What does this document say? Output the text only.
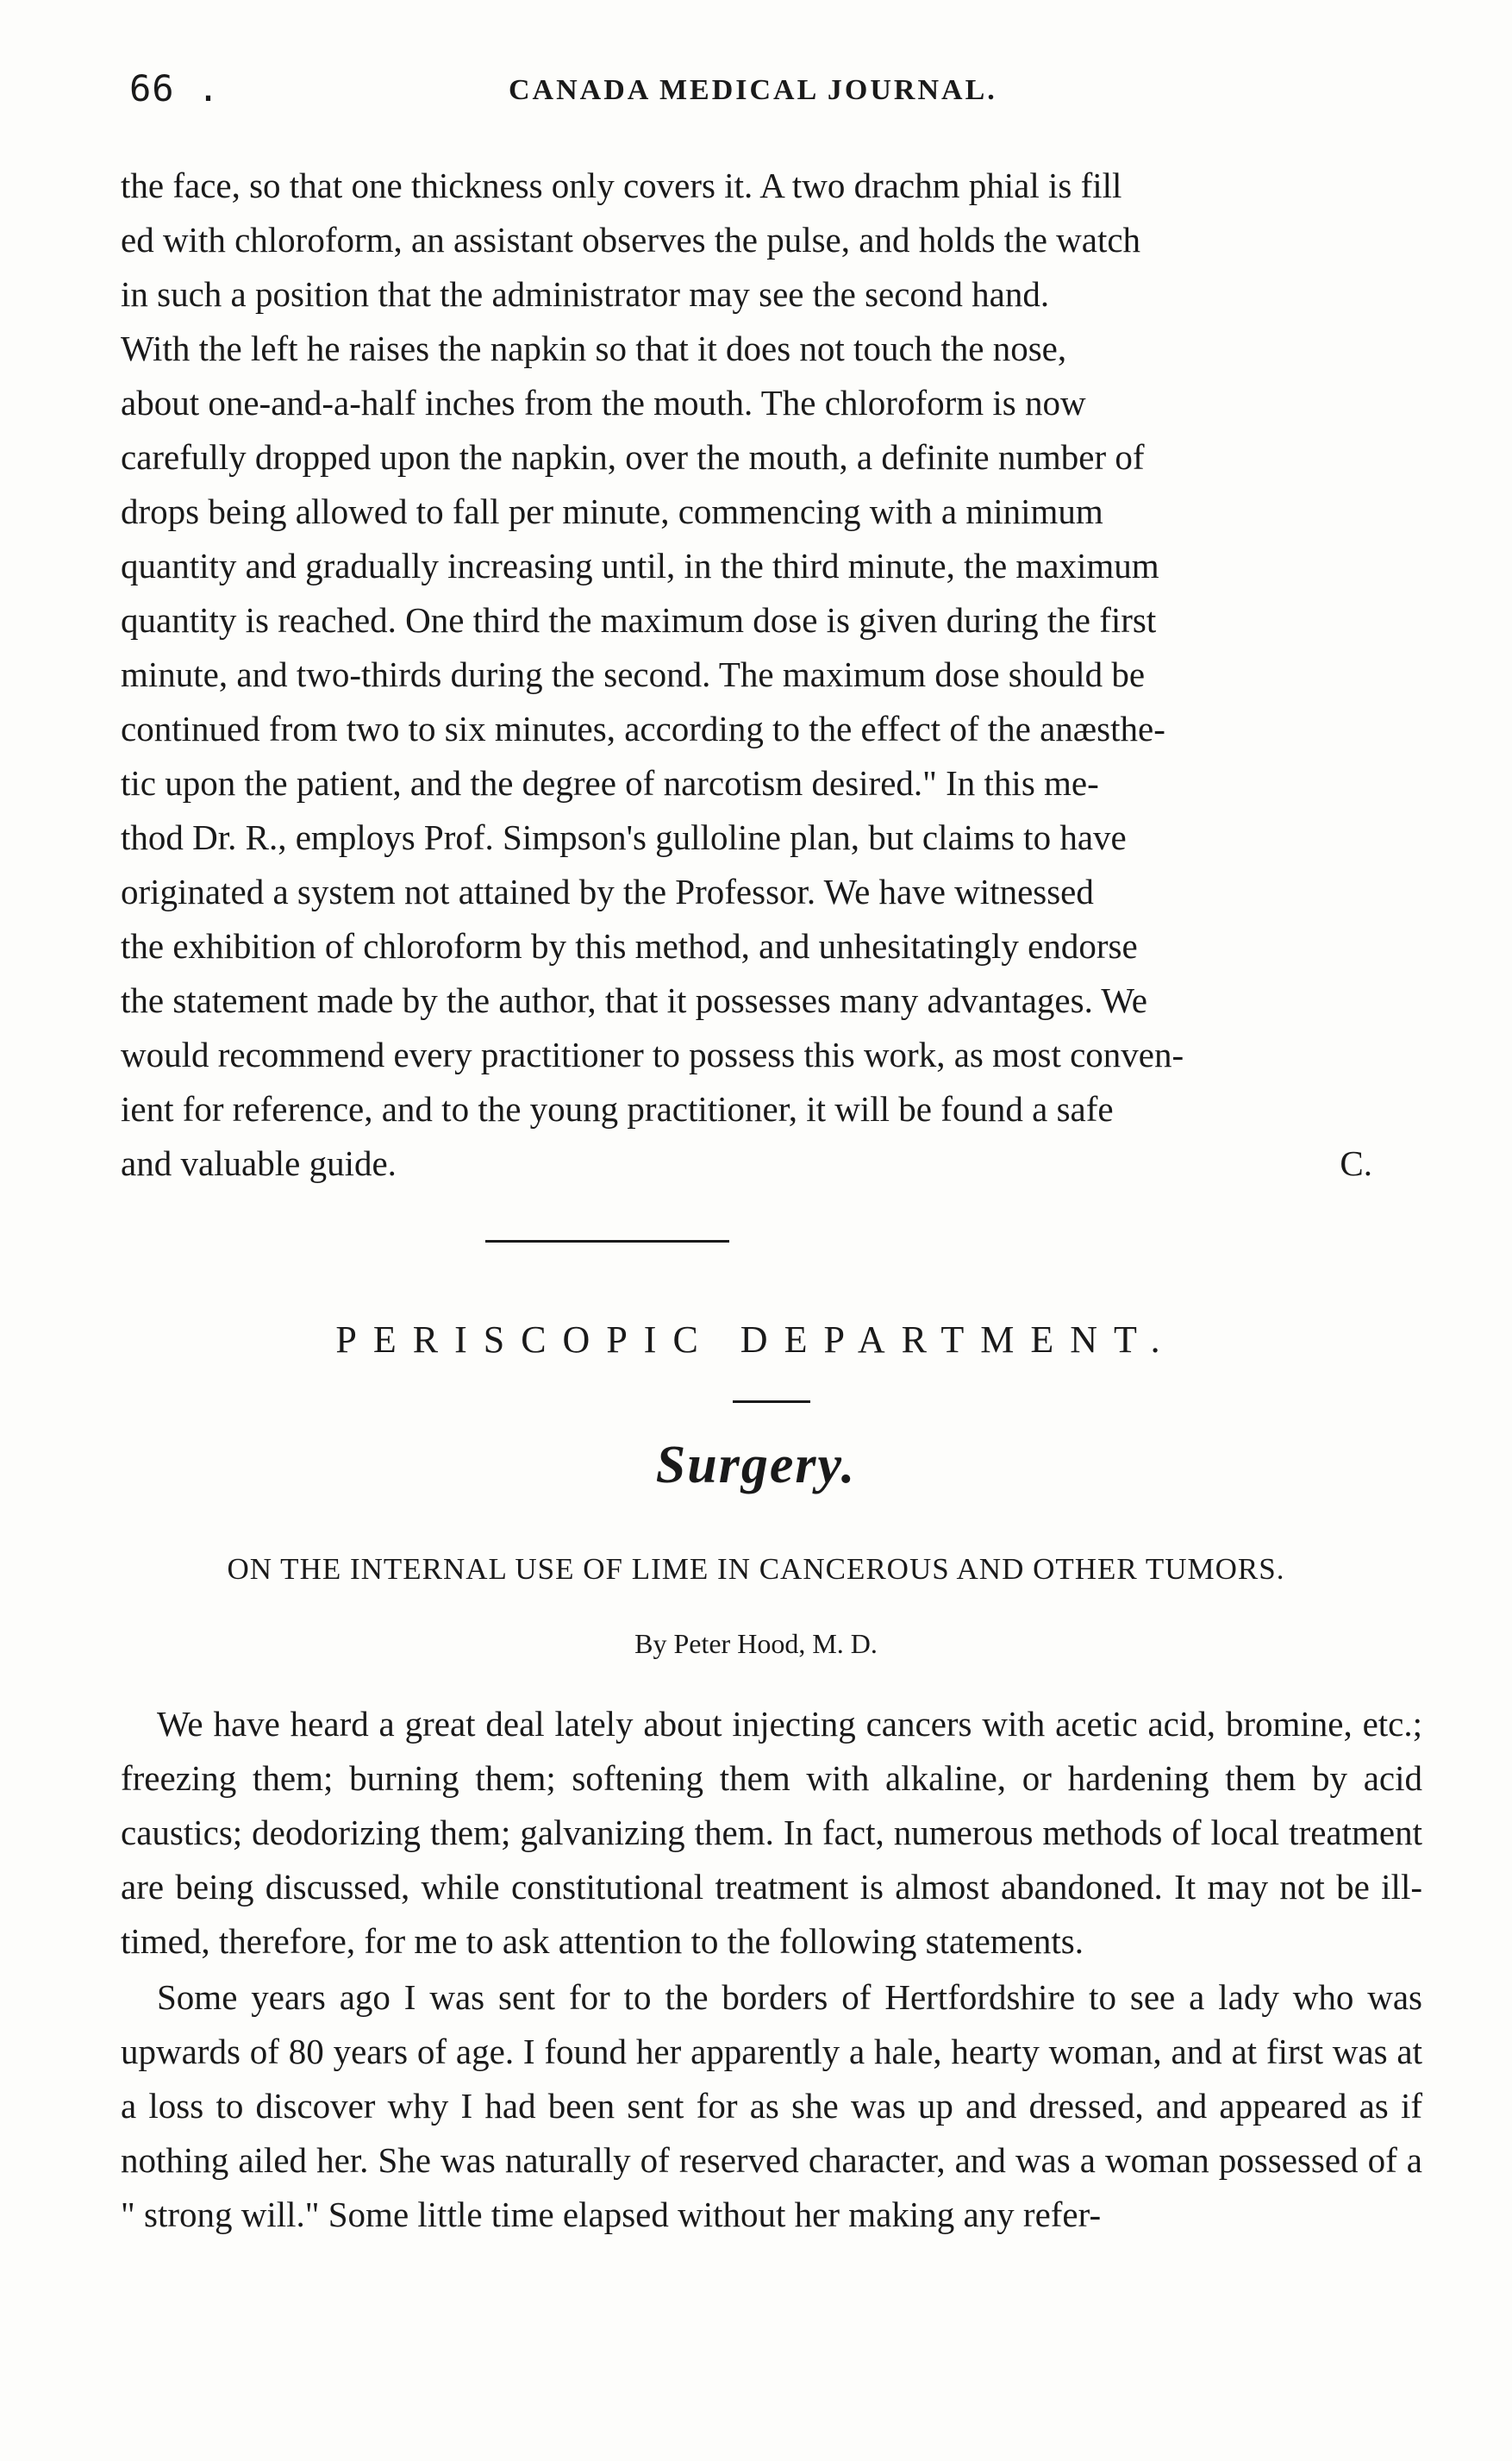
66 .	CANADA MEDICAL JOURNAL.
the face, so that one thickness only covers it. A two drachm phial is fill
ed with chloroform, an assistant observes the pulse, and holds the watch
in such a position that the administrator may see the second hand.
With the left he raises the napkin so that it does not touch the nose,
about one-and-a-half inches from the mouth. The chloroform is now
carefully dropped upon the napkin, over the mouth, a definite number of
drops being allowed to fall per minute, commencing with a minimum
quantity and gradually increasing until, in the third minute, the maximum
quantity is reached. One third the maximum dose is given during the first
minute, and two-thirds during the second. The maximum dose should be
continued from two to six minutes, according to the effect of the anæsthe-
tic upon the patient, and the degree of narcotism desired." In this me-
thod Dr. R., employs Prof. Simpson's gulloline plan, but claims to have
originated a system not attained by the Professor. We have witnessed
the exhibition of chloroform by this method, and unhesitatingly endorse
the statement made by the author, that it possesses many advantages. We
would recommend every practitioner to possess this work, as most conven-
ient for reference, and to the young practitioner, it will be found a safe
and valuable guide.	C.
PERISCOPIC DEPARTMENT.
Surgery.
ON THE INTERNAL USE OF LIME IN CANCEROUS AND OTHER TUMORS.
By Peter Hood, M. D.

We have heard a great deal lately about injecting cancers with acetic acid, bromine, etc.; freezing them; burning them; softening them with alkaline, or hardening them by acid caustics; deodorizing them; galvanizing them. In fact, numerous methods of local treatment are being discussed, while constitutional treatment is almost abandoned. It may not be ill-timed, therefore, for me to ask attention to the following statements.

Some years ago I was sent for to the borders of Hertfordshire to see a lady who was upwards of 80 years of age. I found her apparently a hale, hearty woman, and at first was at a loss to discover why I had been sent for as she was up and dressed, and appeared as if nothing ailed her. She was naturally of reserved character, and was a woman possessed of a " strong will." Some little time elapsed without her making any refer-
